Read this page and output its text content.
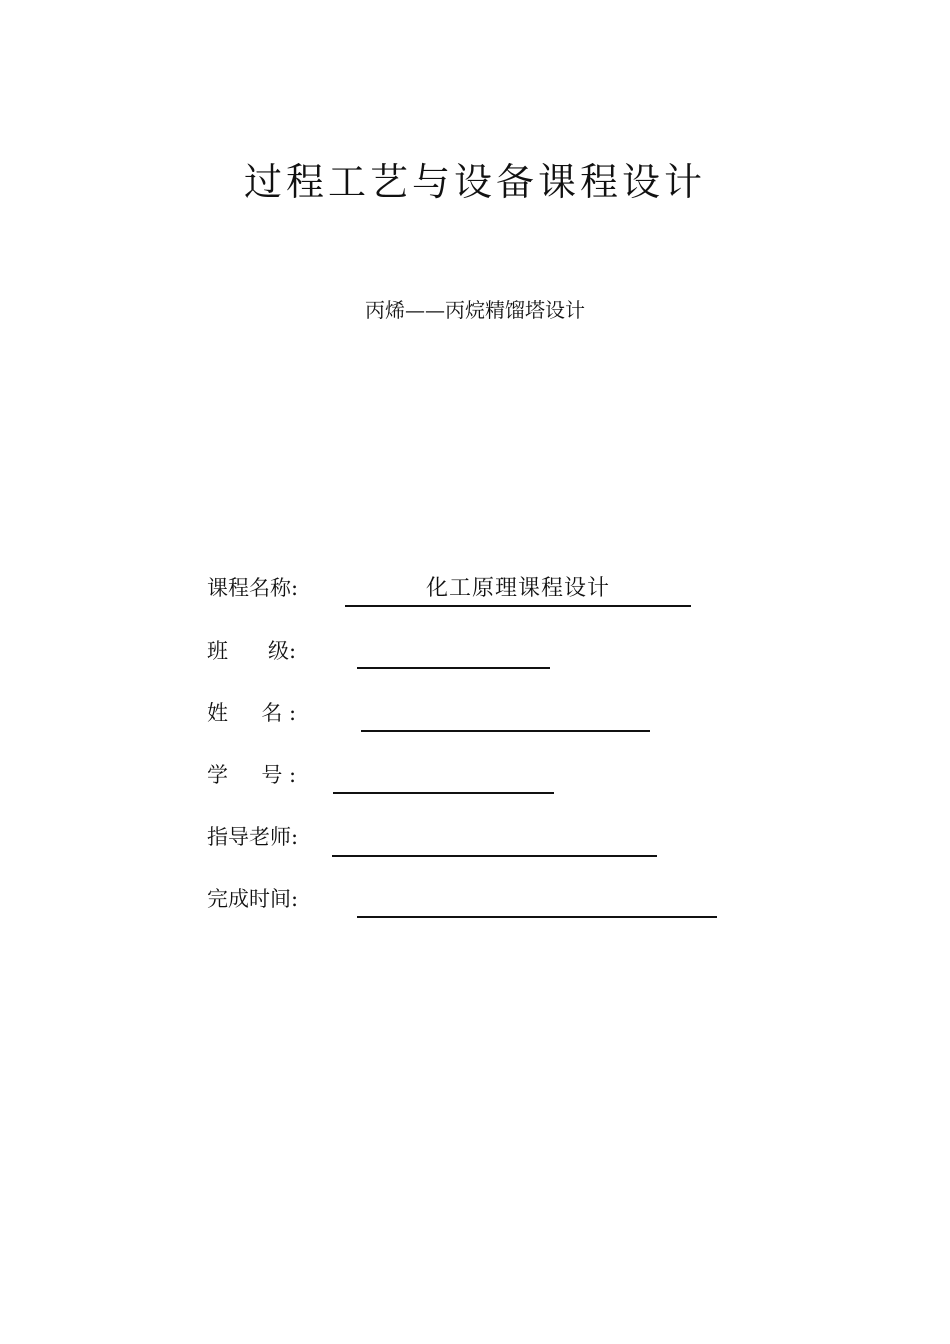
过程工艺与设备课程设计
丙烯——丙烷精馏塔设计
课程名称:	化工原理课程设计
班      级:
姓     名 :
学     号 :
指导老师:
完成时间:
